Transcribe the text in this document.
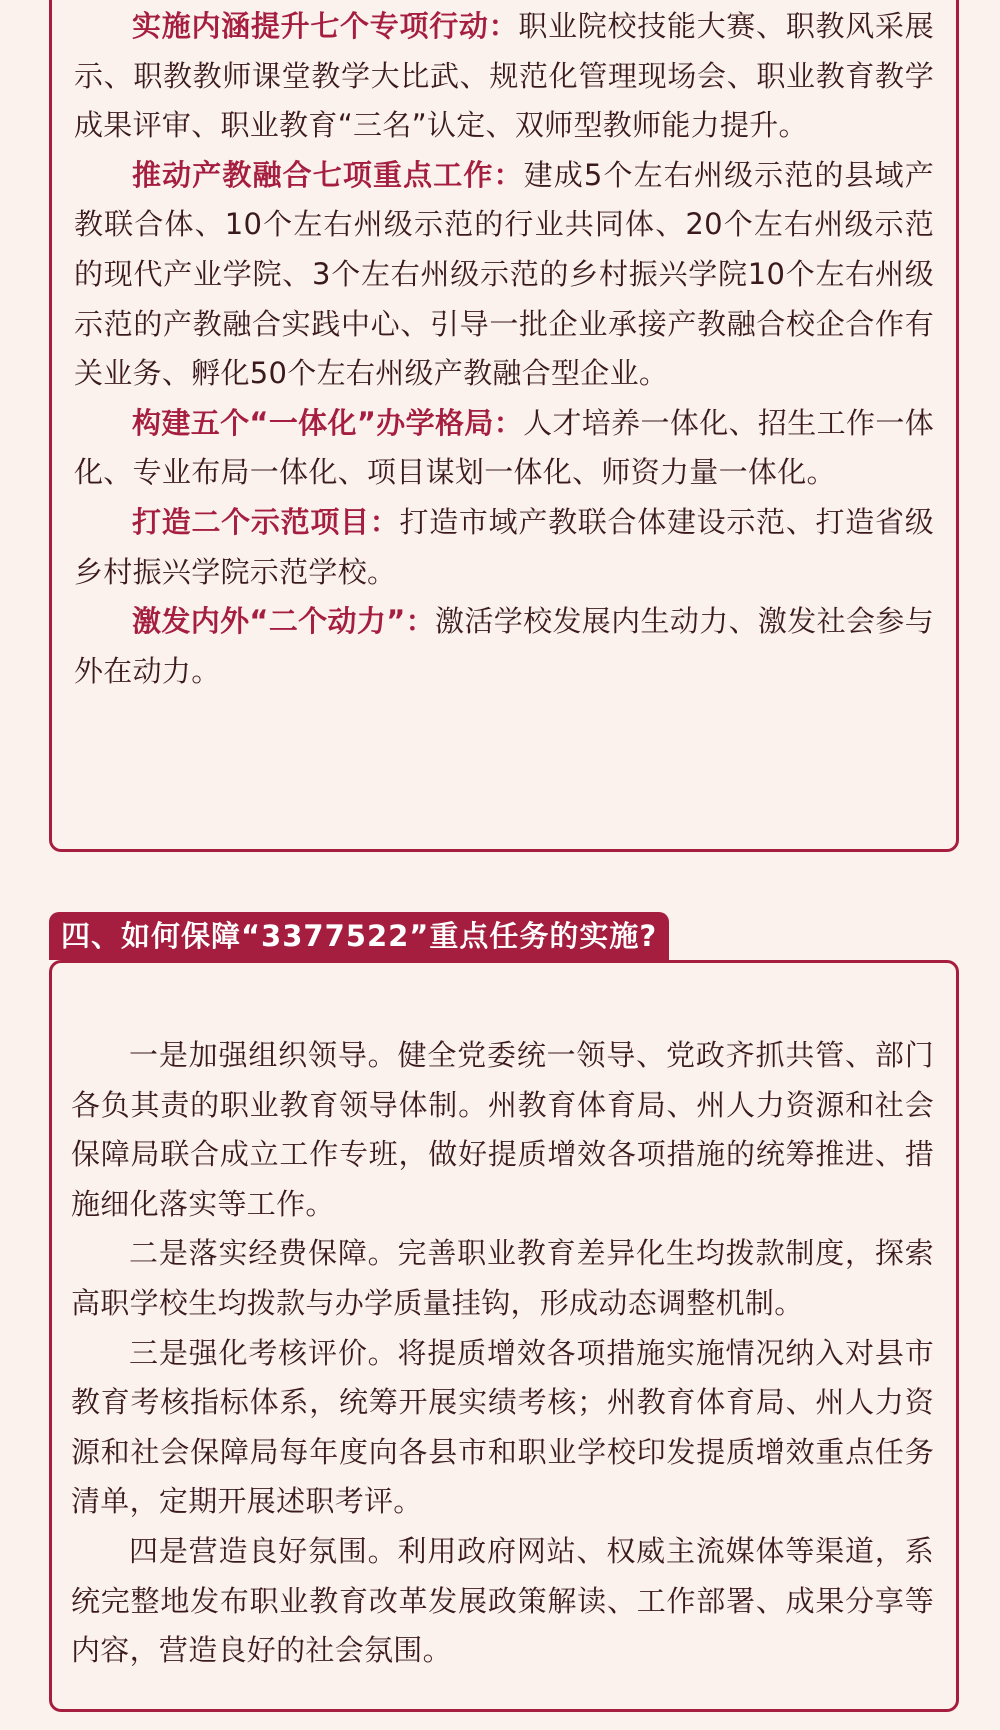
实施内涵提升七个专项行动：职业院校技能大赛、职教风采展示、职教教师课堂教学大比武、规范化管理现场会、职业教育教学成果评审、职业教育“三名”认定、双师型教师能力提升。

推动产教融合七项重点工作：建成5个左右州级示范的县域产教联合体、10个左右州级示范的行业共同体、20个左右州级示范的现代产业学院、3个左右州级示范的乡村振兴学院10个左右州级示范的产教融合实践中心、引导一批企业承接产教融合校企合作有关业务、孵化50个左右州级产教融合型企业。

构建五个“一体化”办学格局：人才培养一体化、招生工作一体化、专业布局一体化、项目谋划一体化、师资力量一体化。

打造二个示范项目：打造市域产教联合体建设示范、打造省级乡村振兴学院示范学校。

激发内外“二个动力”：激活学校发展内生动力、激发社会参与外在动力。

四、如何保障“3377522”重点任务的实施?

一是加强组织领导。健全党委统一领导、党政齐抓共管、部门各负其责的职业教育领导体制。州教育体育局、州人力资源和社会保障局联合成立工作专班，做好提质增效各项措施的统筹推进、措施细化落实等工作。

二是落实经费保障。完善职业教育差异化生均拨款制度，探索高职学校生均拨款与办学质量挂钩，形成动态调整机制。

三是强化考核评价。将提质增效各项措施实施情况纳入对县市教育考核指标体系，统筹开展实绩考核；州教育体育局、州人力资源和社会保障局每年度向各县市和职业学校印发提质增效重点任务清单，定期开展述职考评。

四是营造良好氛围。利用政府网站、权威主流媒体等渠道，系统完整地发布职业教育改革发展政策解读、工作部署、成果分享等内容，营造良好的社会氛围。
